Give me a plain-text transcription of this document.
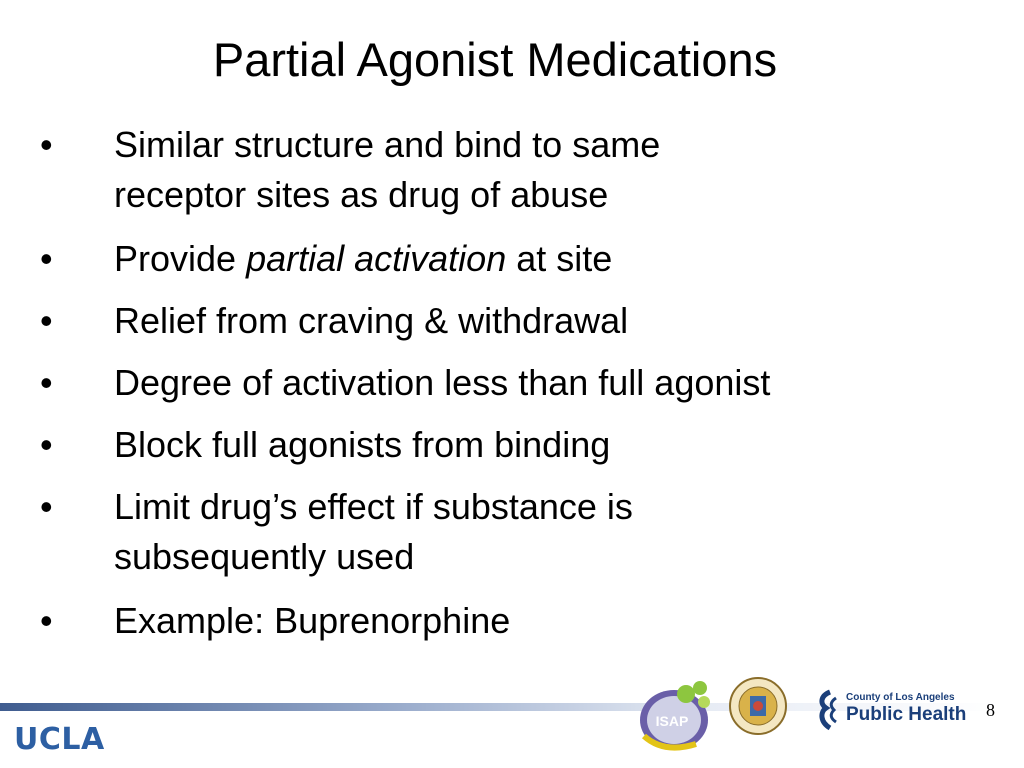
Partial Agonist Medications
•	Similar structure and bind to same
receptor sites as drug of abuse
•	Provide partial activation at site
•	Relief from craving & withdrawal
•	Degree of activation less than full agonist
•	Block full agonists from binding
•	Limit drug’s effect if substance is
subsequently used
•	Example: Buprenorphine
UCLA
ISAP
County of Los Angeles
Public Health 8
